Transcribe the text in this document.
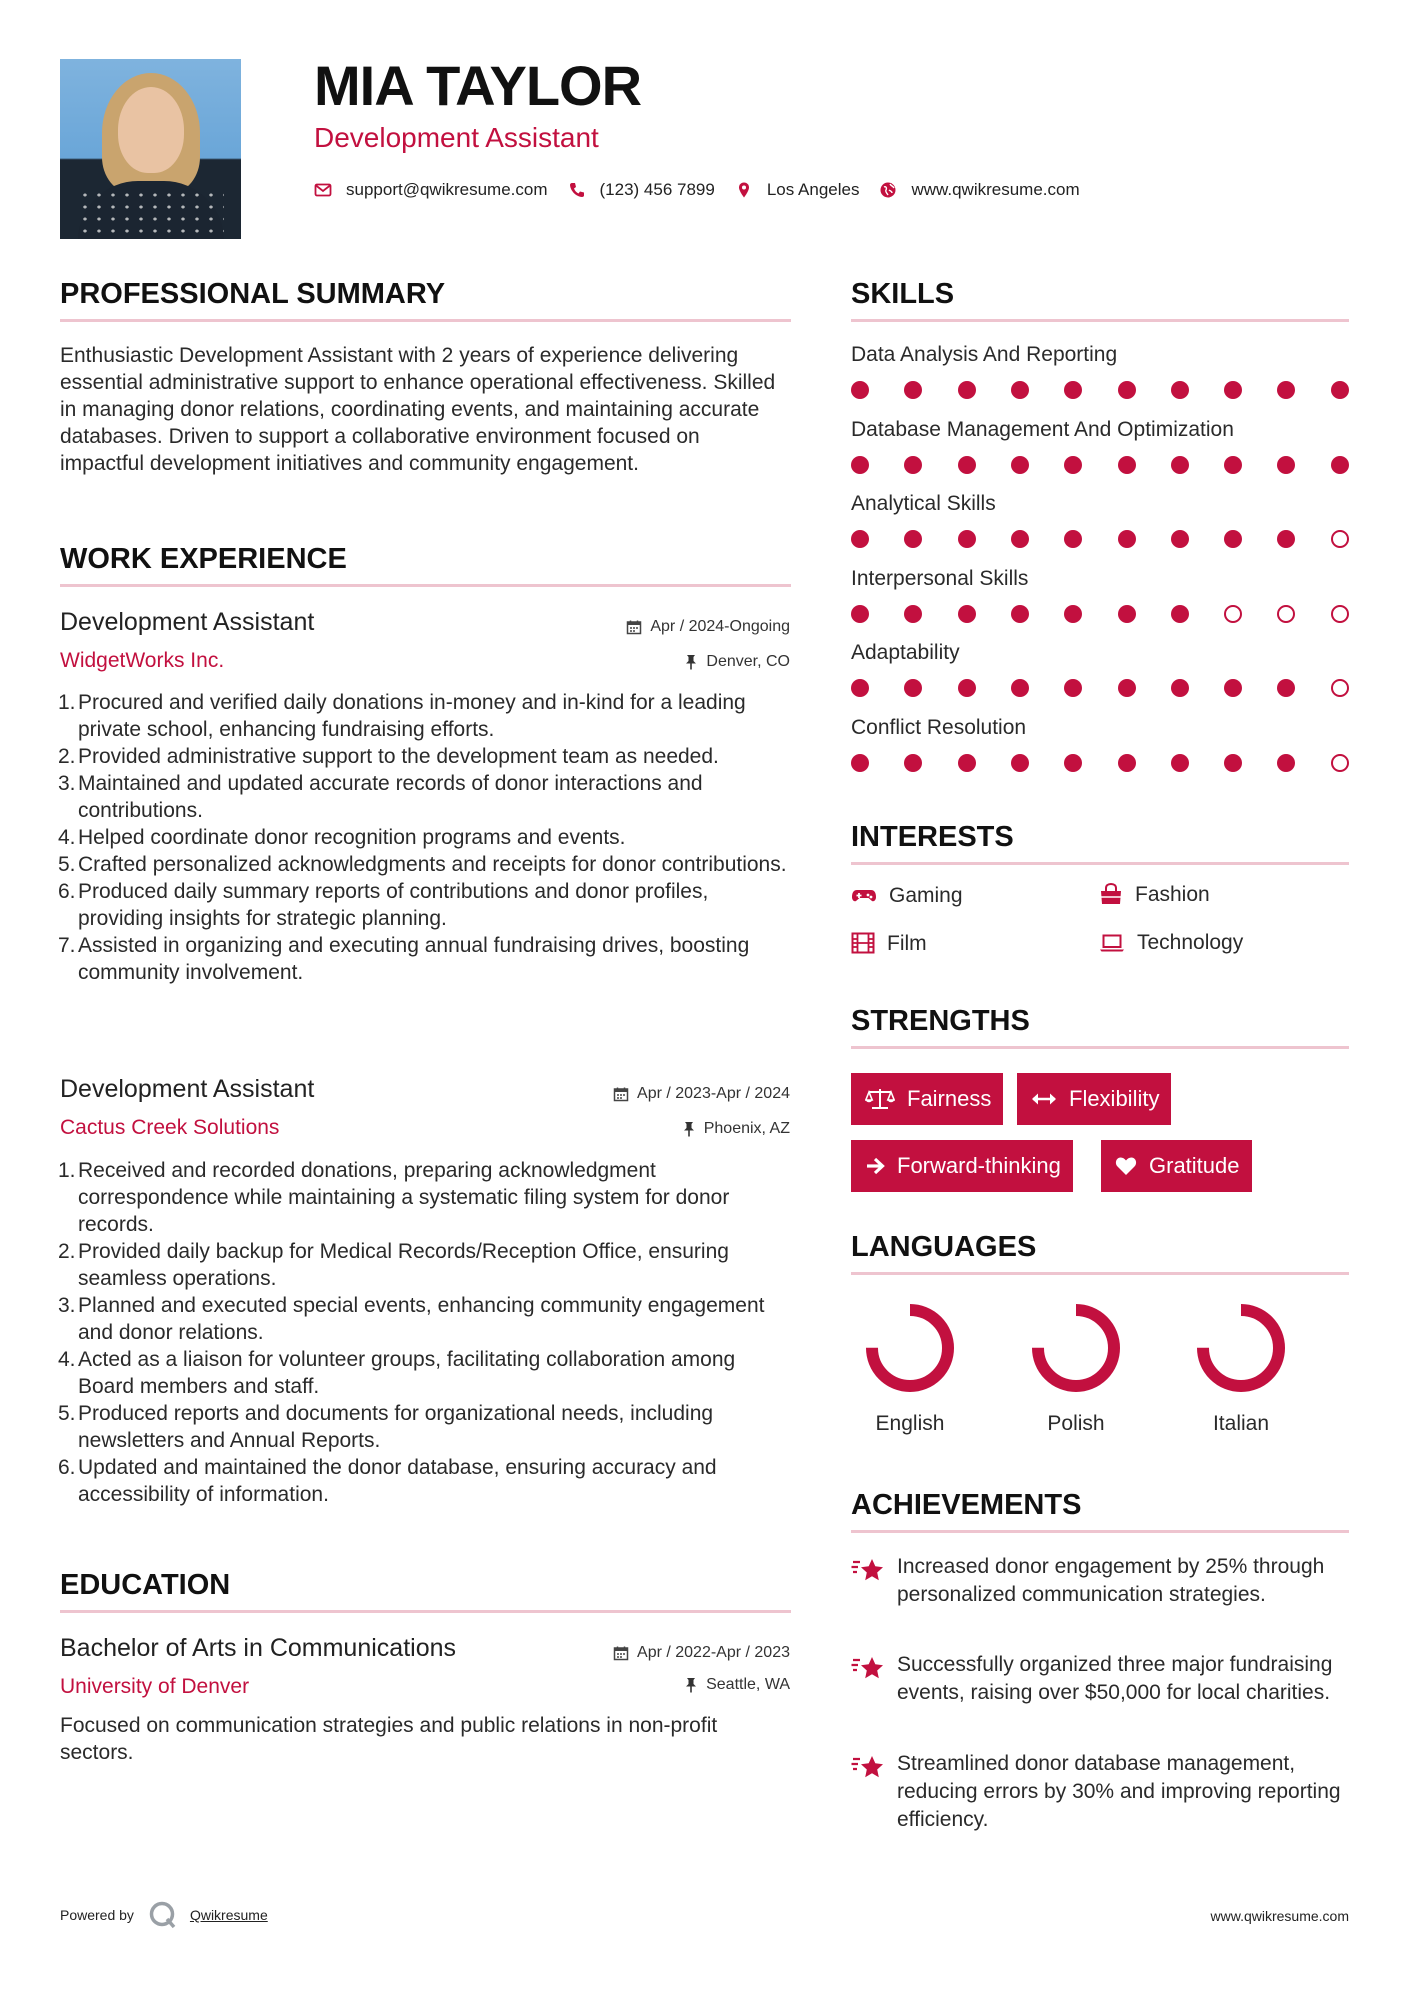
MIA TAYLOR
Development Assistant
support@qwikresume.com	(123) 456 7899	Los Angeles	www.qwikresume.com
PROFESSIONAL SUMMARY
Enthusiastic Development Assistant with 2 years of experience delivering essential administrative support to enhance operational effectiveness. Skilled in managing donor relations, coordinating events, and maintaining accurate databases. Driven to support a collaborative environment focused on impactful development initiatives and community engagement.
WORK EXPERIENCE
Development Assistant	Apr / 2024-Ongoing
WidgetWorks Inc.	Denver, CO
1. Procured and verified daily donations in-money and in-kind for a leading private school, enhancing fundraising efforts.
2. Provided administrative support to the development team as needed.
3. Maintained and updated accurate records of donor interactions and contributions.
4. Helped coordinate donor recognition programs and events.
5. Crafted personalized acknowledgments and receipts for donor contributions.
6. Produced daily summary reports of contributions and donor profiles, providing insights for strategic planning.
7. Assisted in organizing and executing annual fundraising drives, boosting community involvement.
Development Assistant	Apr / 2023-Apr / 2024
Cactus Creek Solutions	Phoenix, AZ
1. Received and recorded donations, preparing acknowledgment correspondence while maintaining a systematic filing system for donor records.
2. Provided daily backup for Medical Records/Reception Office, ensuring seamless operations.
3. Planned and executed special events, enhancing community engagement and donor relations.
4. Acted as a liaison for volunteer groups, facilitating collaboration among Board members and staff.
5. Produced reports and documents for organizational needs, including newsletters and Annual Reports.
6. Updated and maintained the donor database, ensuring accuracy and accessibility of information.
EDUCATION
Bachelor of Arts in Communications	Apr / 2022-Apr / 2023
University of Denver	Seattle, WA
Focused on communication strategies and public relations in non-profit sectors.
SKILLS
Data Analysis And Reporting
Database Management And Optimization
Analytical Skills
Interpersonal Skills
Adaptability
Conflict Resolution
INTERESTS
Gaming	Fashion
Film	Technology
STRENGTHS
Fairness	Flexibility
Forward-thinking	Gratitude
LANGUAGES
English	Polish	Italian
ACHIEVEMENTS
Increased donor engagement by 25% through personalized communication strategies.
Successfully organized three major fundraising events, raising over $50,000 for local charities.
Streamlined donor database management, reducing errors by 30% and improving reporting efficiency.
Powered by	Qwikresume	www.qwikresume.com
